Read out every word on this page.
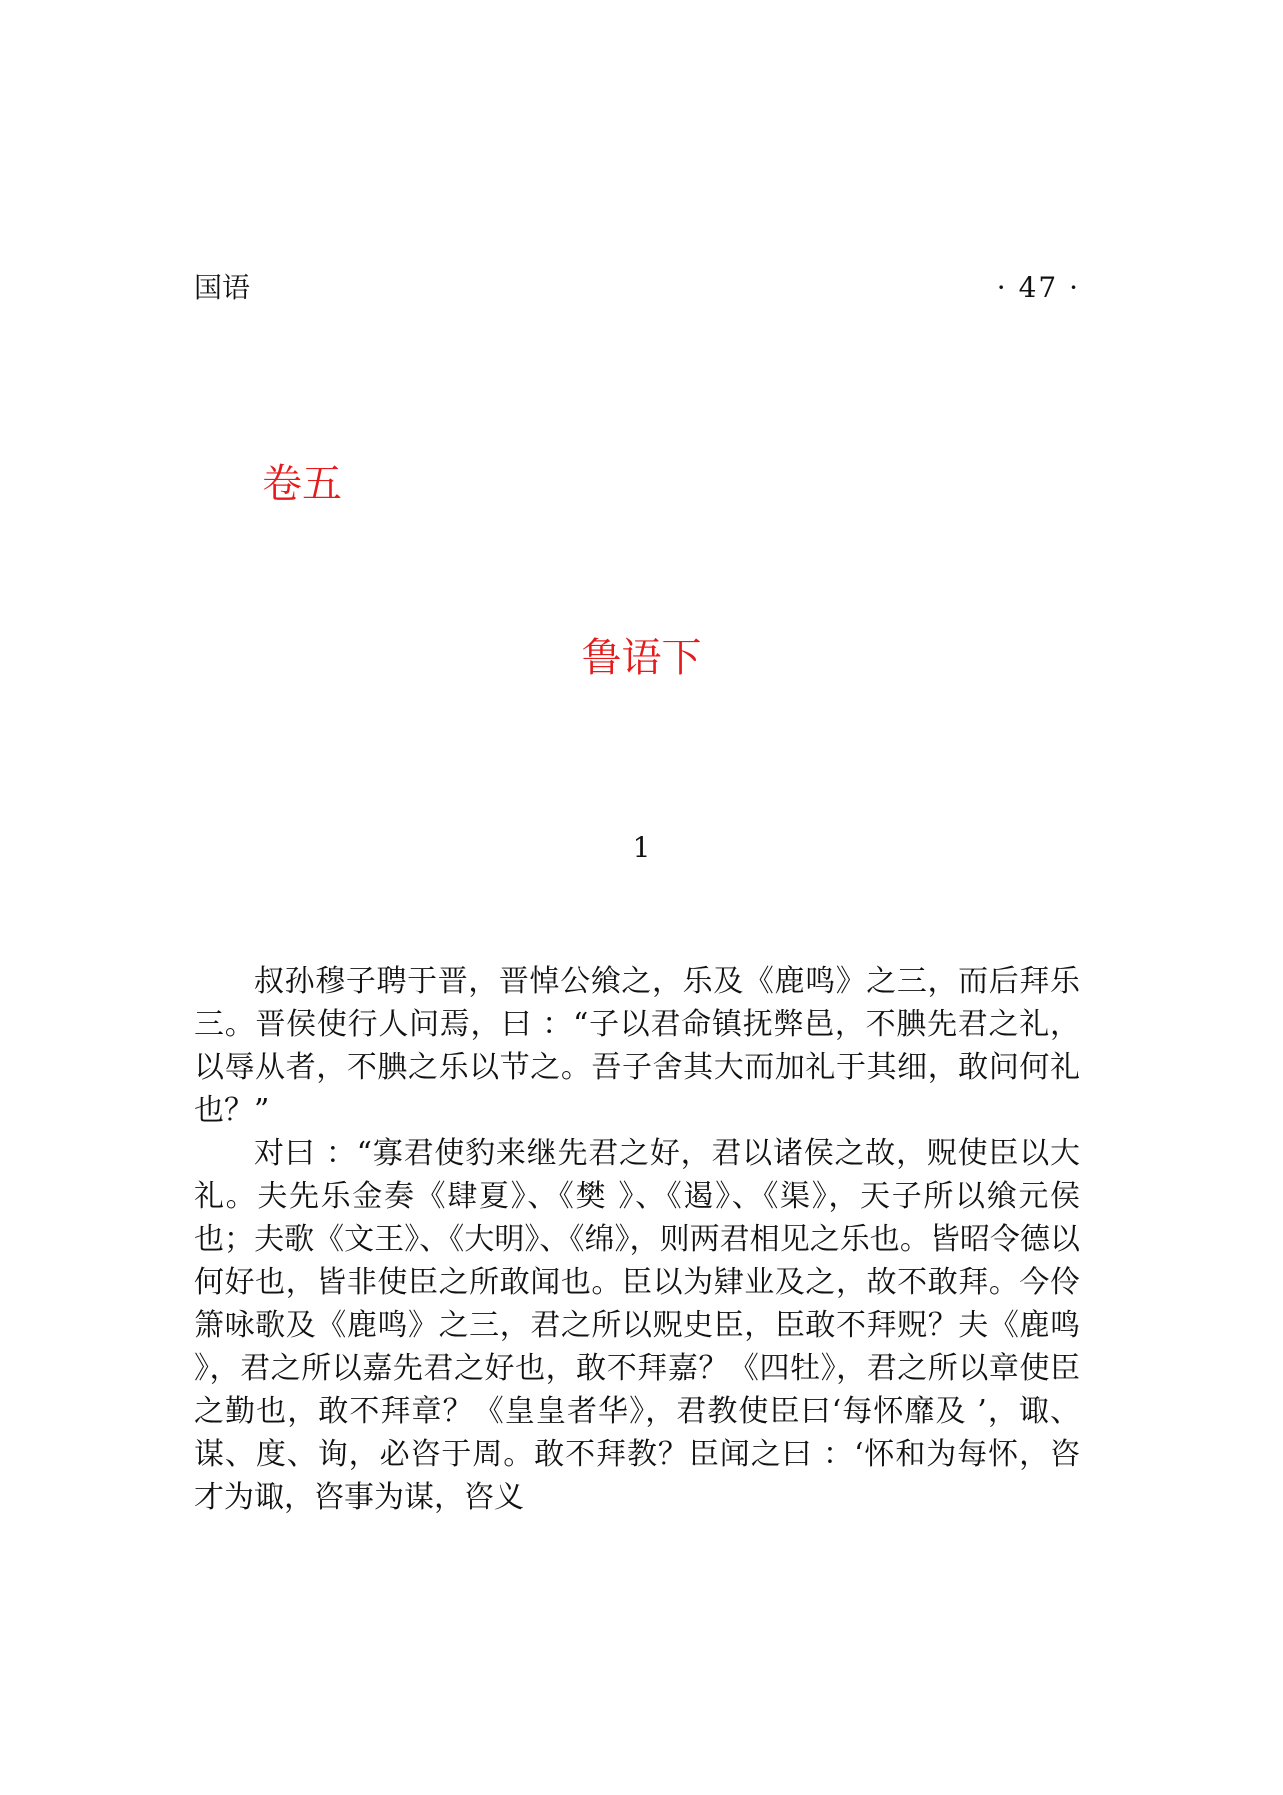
国语	· 47 ·
卷五
鲁语下
1

叔孙穆子聘于晋，晋悼公飨之，乐及《鹿鸣》之三，而后拜乐三。晋侯使行人问焉，曰 ：“子以君命镇抚弊邑，不腆先君之礼，以辱从者，不腆之乐以节之。吾子舍其大而加礼于其细，敢问何礼也？”

对曰 ：“寡君使豹来继先君之好，君以诸侯之故，贶使臣以大礼。夫先乐金奏《肆夏》、《樊 》、《遏》、《渠》，天子所以飨元侯也；夫歌《文王》、《大明》、《绵》，则两君相见之乐也。皆昭令德以何好也，皆非使臣之所敢闻也。臣以为肄业及之，故不敢拜。今伶箫咏歌及《鹿鸣》之三，君之所以贶史臣，臣敢不拜贶？夫《鹿鸣 》，君之所以嘉先君之好也，敢不拜嘉？《四牡》，君之所以章使臣之勤也，敢不拜章？《皇皇者华》，君教使臣曰‘每怀靡及 ’，诹、谋、度、询，必咨于周。敢不拜教？臣闻之曰 ：‘怀和为每怀，咨才为诹，咨事为谋，咨义
